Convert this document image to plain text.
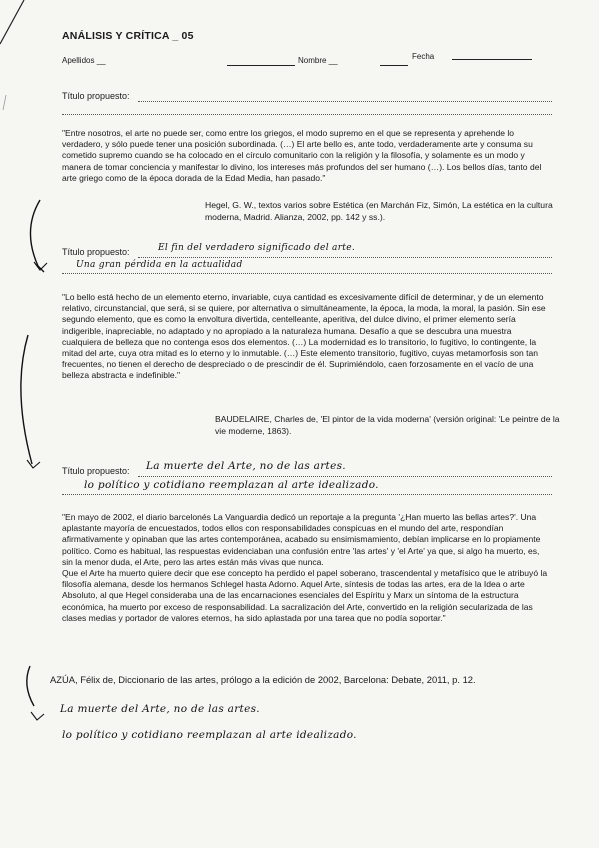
ANÁLISIS Y CRÍTICA _ 05
Apellidos __	Nombre __	Fecha
Título propuesto:

"Entre nosotros, el arte no puede ser, como entre los griegos, el modo supremo en el que se representa y aprehende lo verdadero, y sólo puede tener una posición subordinada. (…) El arte bello es, ante todo, verdaderamente arte y consuma su cometido supremo cuando se ha colocado en el círculo comunitario con la religión y la filosofía, y solamente es un modo y manera de tomar conciencia y manifestar lo divino, los intereses más profundos del ser humano (…). Los bellos días, tanto del arte griego como de la época dorada de la Edad Media, han pasado."

Hegel, G. W., textos varios sobre Estética (en Marchán Fiz, Simón, La estética en la cultura moderna, Madrid. Alianza, 2002, pp. 142 y ss.).
Título propuesto:	El fin del verdadero significado del arte.
Una gran pérdida en la actualidad

"Lo bello está hecho de un elemento eterno, invariable, cuya cantidad es excesivamente difícil de determinar, y de un elemento relativo, circunstancial, que será, si se quiere, por alternativa o simultáneamente, la época, la moda, la moral, la pasión. Sin ese segundo elemento, que es como la envoltura divertida, centelleante, aperitiva, del dulce divino, el primer elemento sería indigerible, inapreciable, no adaptado y no apropiado a la naturaleza humana. Desafío a que se descubra una muestra cualquiera de belleza que no contenga esos dos elementos. (…) La modernidad es lo transitorio, lo fugitivo, lo contingente, la mitad del arte, cuya otra mitad es lo eterno y lo inmutable. (…) Este elemento transitorio, fugitivo, cuyas metamorfosis son tan frecuentes, no tienen el derecho de despreciado o de prescindir de él. Suprimiéndolo, caen forzosamente en el vacío de una belleza abstracta e indefinible."

BAUDELAIRE, Charles de, 'El pintor de la vida moderna' (versión original: 'Le peintre de la vie moderne, 1863).
Título propuesto: La muerte del Arte, no de las artes.
lo político y cotidiano reemplazan al arte idealizado.

"En mayo de 2002, el diario barcelonés La Vanguardia dedicó un reportaje a la pregunta '¿Han muerto las bellas artes?'. Una aplastante mayoría de encuestados, todos ellos con responsabilidades conspicuas en el mundo del arte, respondían afirmativamente y opinaban que las artes contemporánea, acabado su ensimismamiento, debían implicarse en lo propiamente político. Como es habitual, las respuestas evidenciaban una confusión entre 'las artes' y 'el Arte' ya que, si algo ha muerto, es, sin la menor duda, el Arte, pero las artes están más vivas que nunca.

Que el Arte ha muerto quiere decir que ese concepto ha perdido el papel soberano, trascendental y metafísico que le atribuyó la filosofía alemana, desde los hermanos Schlegel hasta Adorno. Aquel Arte, síntesis de todas las artes, era de la Idea o arte Absoluto, al que Hegel consideraba una de las encarnaciones esenciales del Espíritu y Marx un síntoma de la estructura económica, ha muerto por exceso de responsabilidad. La sacralización del Arte, convertido en la religión secularizada de las clases medias y portador de valores eternos, ha sido aplastada por una tarea que no podía soportar."

AZÚA, Félix de, Diccionario de las artes, prólogo a la edición de 2002, Barcelona: Debate, 2011, p. 12.
La muerte del Arte, no de las artes.
lo político y cotidiano reemplazan al arte idealizado.
